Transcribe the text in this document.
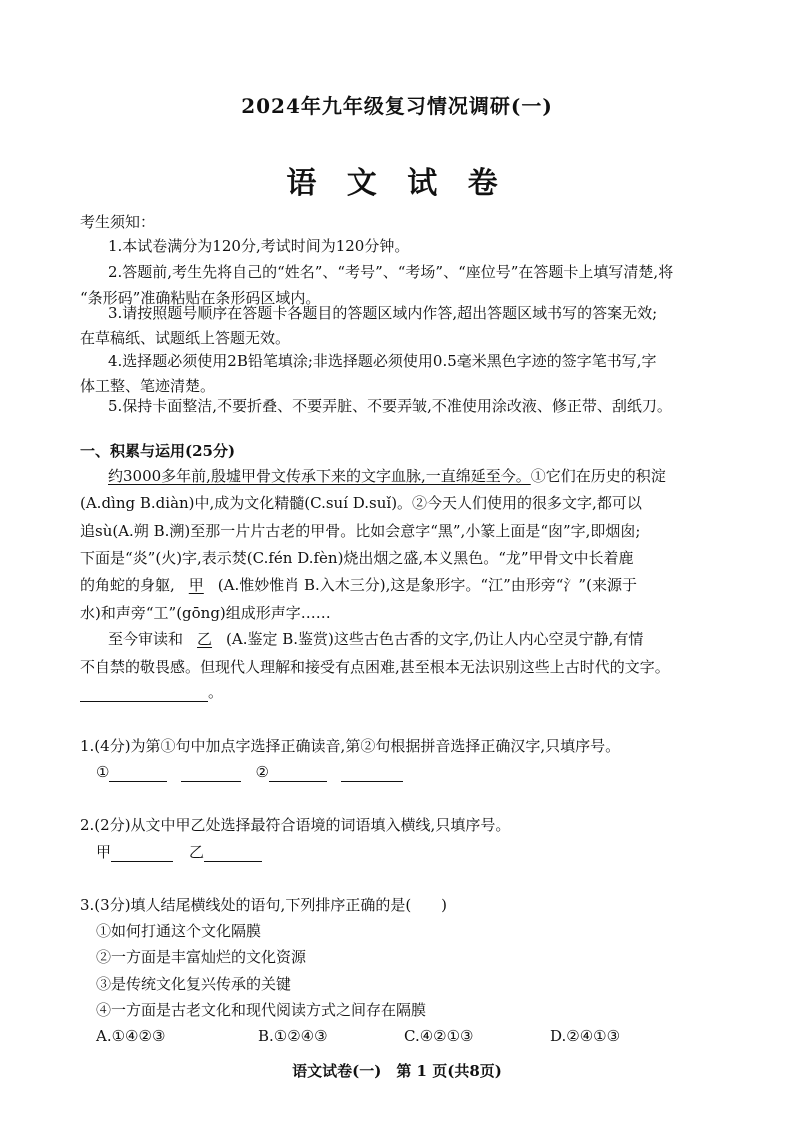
2024年九年级复习情况调研(一)
语 文 试 卷
考生须知：
1.本试卷满分为120分,考试时间为120分钟。
2.答题前,考生先将自己的“姓名”、“考号”、“考场”、“座位号”在答题卡上填写清楚,将
“条形码”准确粘贴在条形码区域内。
3.请按照题号顺序在答题卡各题目的答题区域内作答,超出答题区域书写的答案无效;
在草稿纸、试题纸上答题无效。
4.选择题必须使用2B铅笔填涂;非选择题必须使用0.5毫米黑色字迹的签字笔书写,字
体工整、笔迹清楚。
5.保持卡面整洁,不要折叠、不要弄脏、不要弄皱,不准使用涂改液、修正带、刮纸刀。
一、积累与运用(25分)
约3000多年前,殷墟甲骨文传承下来的文字血脉,一直绵延至今。①它们在历史的积淀
(A.dìng B.diàn)中,成为文化精髓(C.suí D.suǐ)。②今天人们使用的很多文字,都可以
追sù(A.朔 B.溯)至那一片片古老的甲骨。比如会意字“黑”,小篆上面是“囱”字,即烟囱;
下面是“炎”(火)字,表示焚(C.fén D.fèn)烧出烟之盛,本义黑色。“龙”甲骨文中长着鹿
的角蛇的身躯, 甲 (A.惟妙惟肖 B.入木三分),这是象形字。“江”由形旁“氵”(来源于
水)和声旁“工”(gōng)组成形声字……
至今审读和 乙 (A.鉴定 B.鉴赏)这些古色古香的文字,仍让人内心空灵宁静,有情
不自禁的敬畏感。但现代人理解和接受有点困难,甚至根本无法识别这些上古时代的文字。
。
1.(4分)为第①句中加点字选择正确读音,第②句根据拼音选择正确汉字,只填序号。
①	②
2.(2分)从文中甲乙处选择最符合语境的词语填入横线,只填序号。
甲	乙
3.(3分)填人结尾横线处的语句,下列排序正确的是(　　)
①如何打通这个文化隔膜
②一方面是丰富灿烂的文化资源
③是传统文化复兴传承的关键
④一方面是古老文化和现代阅读方式之间存在隔膜
A.①④②③	B.①②④③	C.④②①③	D.②④①③
语文试卷(一)　第 1 页(共8页)
